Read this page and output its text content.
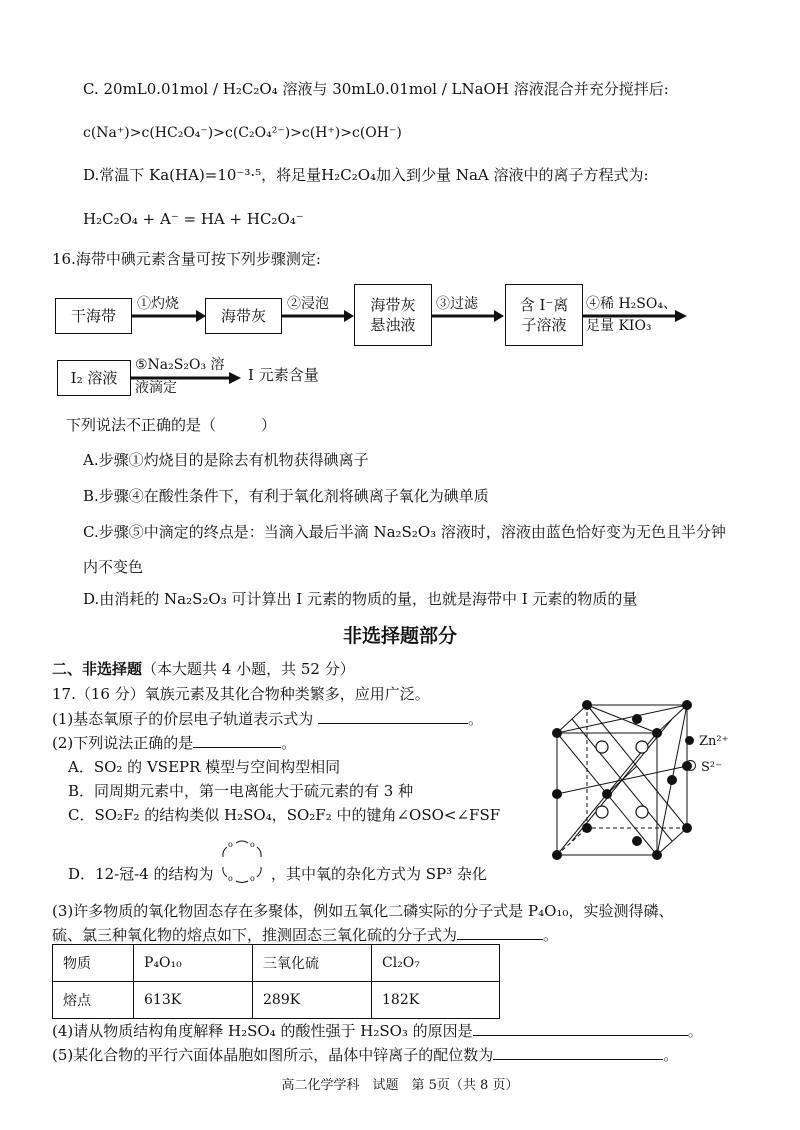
C. 20mL0.01mol / H₂C₂O₄ 溶液与 30mL0.01mol / LNaOH 溶液混合并充分搅拌后:
c(Na⁺)>c(HC₂O₄⁻)>c(C₂O₄²⁻)>c(H⁺)>c(OH⁻)
D.常温下 Ka(HA)=10⁻³·⁵，将足量H₂C₂O₄加入到少量 NaA 溶液中的离子方程式为:
H₂C₂O₄ + A⁻ = HA + HC₂O₄⁻
16.海带中碘元素含量可按下列步骤测定:
干海带
①灼烧
海带灰
②浸泡	海带灰
悬浊液
③过滤	含 I⁻离
子溶液
④稀 H₂SO₄、
足量 KIO₃
I₂ 溶液
⑤Na₂S₂O₃ 溶
液滴定
I 元素含量
下列说法不正确的是（　　　）
A.步骤①灼烧目的是除去有机物获得碘离子
B.步骤④在酸性条件下，有利于氧化剂将碘离子氧化为碘单质
C.步骤⑤中滴定的终点是：当滴入最后半滴 Na₂S₂O₃ 溶液时，溶液由蓝色恰好变为无色且半分钟
内不变色
D.由消耗的 Na₂S₂O₃ 可计算出 I 元素的物质的量，也就是海带中 I 元素的物质的量
非选择题部分
二、非选择题（本大题共 4 小题，共 52 分）
17.（16 分）氧族元素及其化合物种类繁多，应用广泛。
(1)基态氧原子的价层电子轨道表示式为	。
(2)下列说法正确的是	。
A．SO₂ 的 VSEPR 模型与空间构型相同
B．同周期元素中，第一电离能大于硫元素的有 3 种
C．SO₂F₂ 的结构类似 H₂SO₄，SO₂F₂ 中的键角∠OSO<∠FSF
D．12-冠-4 的结构为
o o
o o ，其中氧的杂化方式为 SP³ 杂化
(3)许多物质的氧化物固态存在多聚体，例如五氧化二磷实际的分子式是 P₄O₁₀，实验测得磷、
硫、氯三种氧化物的熔点如下，推测固态三氧化硫的分子式为	。
物质	P₄O₁₀	三氧化硫	Cl₂O₇
熔点	613K	289K	182K
(4)请从物质结构角度解释 H₂SO₄ 的酸性强于 H₂SO₃ 的原因是	。
(5)某化合物的平行六面体晶胞如图所示，晶体中锌离子的配位数为	。
Zn²⁺
S²⁻
高二化学学科　试题　第 5页（共 8 页）
